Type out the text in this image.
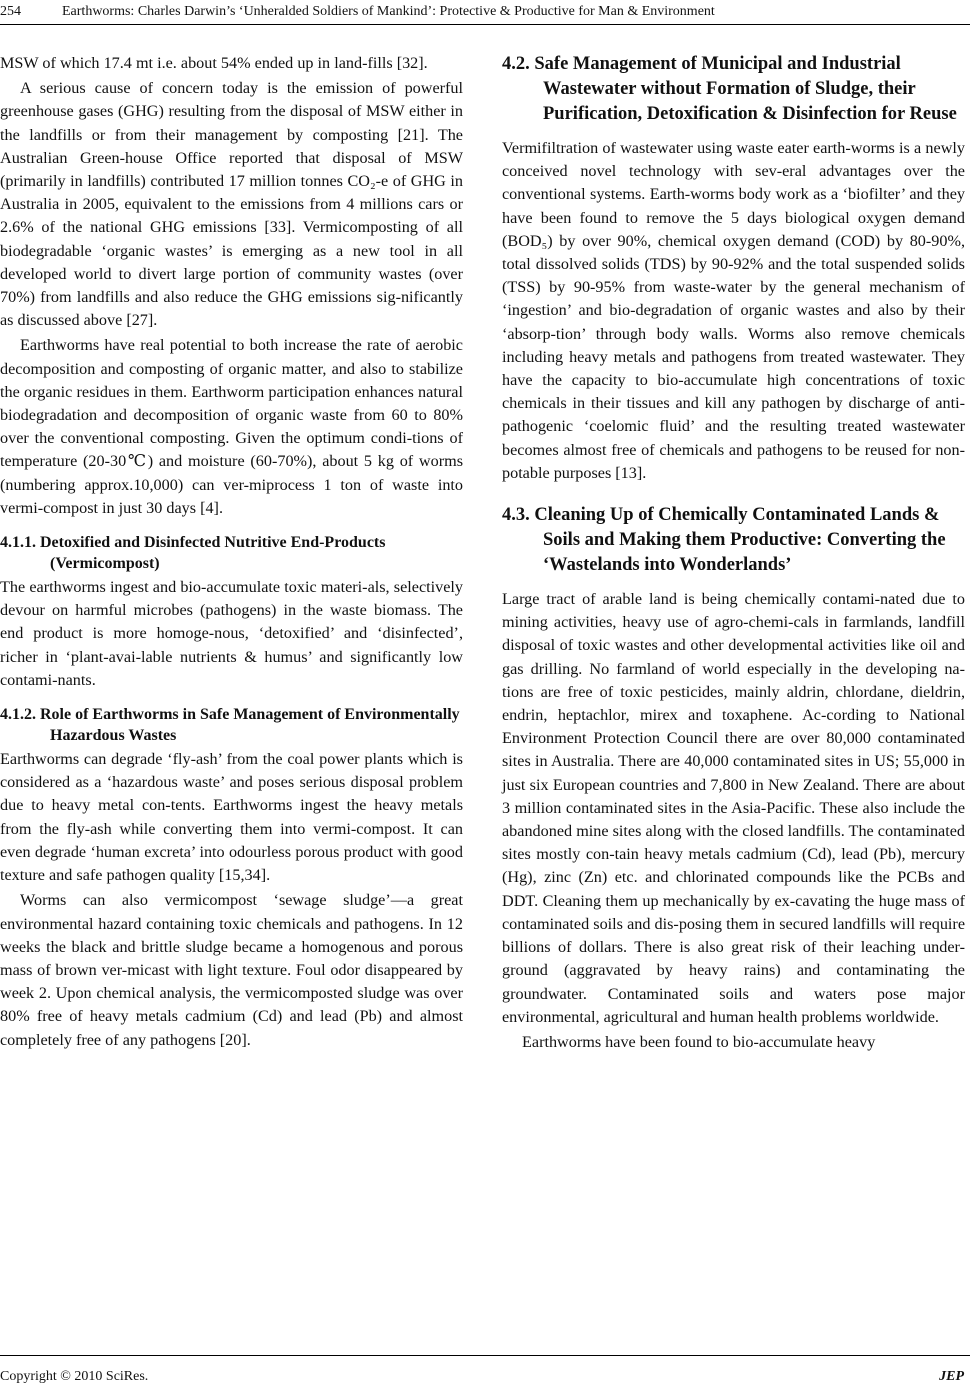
254	Earthworms: Charles Darwin’s ‘Unheralded Soldiers of Mankind’: Protective & Productive for Man & Environment

MSW of which 17.4 mt i.e. about 54% ended up in land-fills [32].

A serious cause of concern today is the emission of powerful greenhouse gases (GHG) resulting from the disposal of MSW either in the landfills or from their management by composting [21]. The Australian Green-house Office reported that disposal of MSW (primarily in landfills) contributed 17 million tonnes CO₂-e of GHG in Australia in 2005, equivalent to the emissions from 4 millions cars or 2.6% of the national GHG emissions [33]. Vermicomposting of all biodegradable ‘organic wastes’ is emerging as a new tool in all developed world to divert large portion of community wastes (over 70%) from landfills and also reduce the GHG emissions sig-nificantly as discussed above [27].

Earthworms have real potential to both increase the rate of aerobic decomposition and composting of organic matter, and also to stabilize the organic residues in them. Earthworm participation enhances natural biodegradation and decomposition of organic waste from 60 to 80% over the conventional composting. Given the optimum condi-tions of temperature (20-30℃) and moisture (60-70%), about 5 kg of worms (numbering approx.10,000) can ver-miprocess 1 ton of waste into vermi-compost in just 30 days [4].

4.1.1. Detoxified and Disinfected Nutritive End-Products (Vermicompost)

The earthworms ingest and bio-accumulate toxic materi-als, selectively devour on harmful microbes (pathogens) in the waste biomass. The end product is more homoge-nous, ‘detoxified’ and ‘disinfected’, richer in ‘plant-avai-lable nutrients & humus’ and significantly low contami-nants.

4.1.2. Role of Earthworms in Safe Management of Environmentally Hazardous Wastes

Earthworms can degrade ‘fly-ash’ from the coal power plants which is considered as a ‘hazardous waste’ and poses serious disposal problem due to heavy metal con-tents. Earthworms ingest the heavy metals from the fly-ash while converting them into vermi-compost. It can even degrade ‘human excreta’ into odourless porous product with good texture and safe pathogen quality [15,34].

Worms can also vermicompost ‘sewage sludge’—a great environmental hazard containing toxic chemicals and pathogens. In 12 weeks the black and brittle sludge became a homogenous and porous mass of brown ver-micast with light texture. Foul odor disappeared by week 2. Upon chemical analysis, the vermicomposted sludge was over 80% free of heavy metals cadmium (Cd) and lead (Pb) and almost completely free of any pathogens [20].

4.2. Safe Management of Municipal and Industrial Wastewater without Formation of Sludge, their Purification, Detoxification & Disinfection for Reuse

Vermifiltration of wastewater using waste eater earth-worms is a newly conceived novel technology with sev-eral advantages over the conventional systems. Earth-worms body work as a ‘biofilter’ and they have been found to remove the 5 days biological oxygen demand (BOD₅) by over 90%, chemical oxygen demand (COD) by 80-90%, total dissolved solids (TDS) by 90-92% and the total suspended solids (TSS) by 90-95% from waste-water by the general mechanism of ‘ingestion’ and bio-degradation of organic wastes and also by their ‘absorp-tion’ through body walls. Worms also remove chemicals including heavy metals and pathogens from treated wastewater. They have the capacity to bio-accumulate high concentrations of toxic chemicals in their tissues and kill any pathogen by discharge of anti-pathogenic ‘coelomic fluid’ and the resulting treated wastewater becomes almost free of chemicals and pathogens to be reused for non-potable purposes [13].

4.3. Cleaning Up of Chemically Contaminated Lands & Soils and Making them Productive: Converting the ‘Wastelands into Wonderlands’

Large tract of arable land is being chemically contami-nated due to mining activities, heavy use of agro-chemi-cals in farmlands, landfill disposal of toxic wastes and other developmental activities like oil and gas drilling. No farmland of world especially in the developing na-tions are free of toxic pesticides, mainly aldrin, chlordane, dieldrin, endrin, heptachlor, mirex and toxaphene. Ac-cording to National Environment Protection Council there are over 80,000 contaminated sites in Australia. There are 40,000 contaminated sites in US; 55,000 in just six European countries and 7,800 in New Zealand. There are about 3 million contaminated sites in the Asia-Pacific. These also include the abandoned mine sites along with the closed landfills. The contaminated sites mostly con-tain heavy metals cadmium (Cd), lead (Pb), mercury (Hg), zinc (Zn) etc. and chlorinated compounds like the PCBs and DDT. Cleaning them up mechanically by ex-cavating the huge mass of contaminated soils and dis-posing them in secured landfills will require billions of dollars. There is also great risk of their leaching under-ground (aggravated by heavy rains) and contaminating the groundwater. Contaminated soils and waters pose major environmental, agricultural and human health problems worldwide.

Earthworms have been found to bio-accumulate heavy

Copyright © 2010 SciRes.	JEP
